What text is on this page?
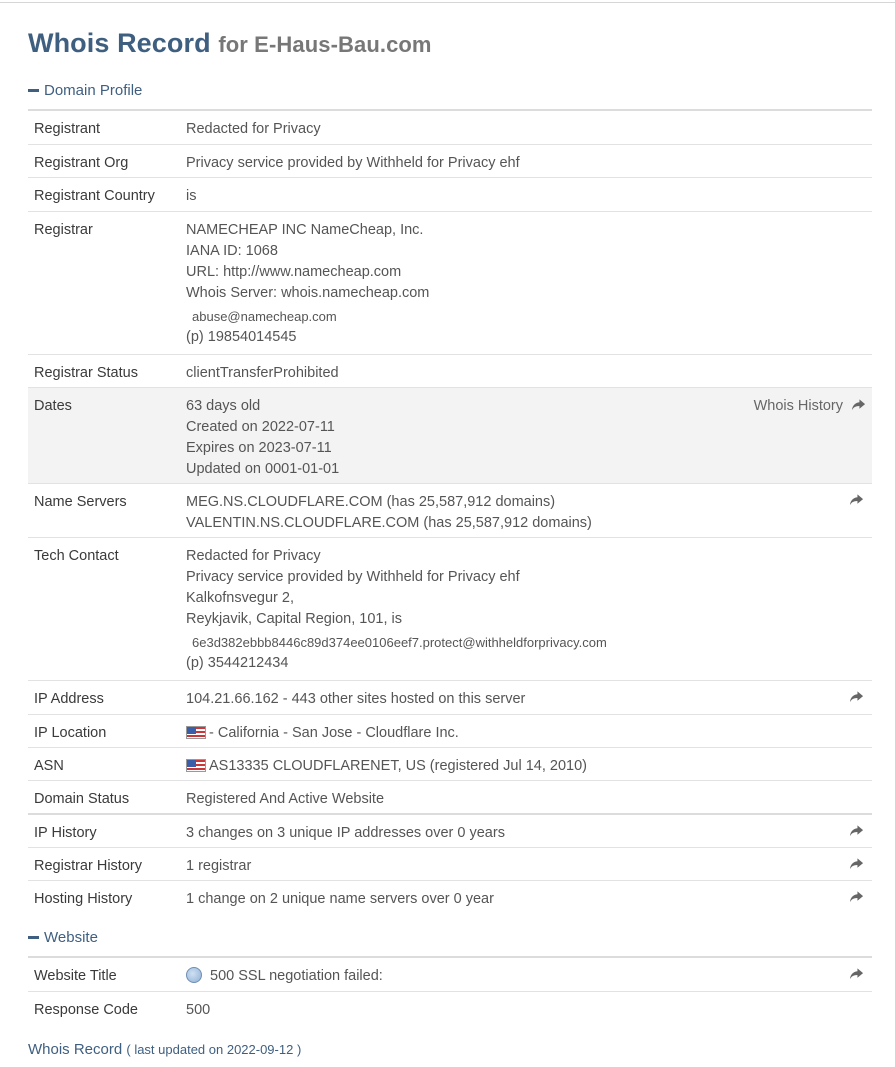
Whois Record for E-Haus-Bau.com
Domain Profile
Registrant	Redacted for Privacy
Registrant Org	Privacy service provided by Withheld for Privacy ehf
Registrant Country	is
Registrar	NAMECHEAP INC NameCheap, Inc.
IANA ID: 1068
URL: http://www.namecheap.com
Whois Server: whois.namecheap.com
abuse@namecheap.com
(p) 19854014545
Registrar Status	clientTransferProhibited
Dates	63 days old
Created on 2022-07-11
Expires on 2023-07-11
Updated on 0001-01-01
Whois History
Name Servers	MEG.NS.CLOUDFLARE.COM (has 25,587,912 domains)
VALENTIN.NS.CLOUDFLARE.COM (has 25,587,912 domains)
Tech Contact	Redacted for Privacy
Privacy service provided by Withheld for Privacy ehf
Kalkofnsvegur 2,
Reykjavik, Capital Region, 101, is
6e3d382ebbb8446c89d374ee0106eef7.protect@withheldforprivacy.com
(p) 3544212434
IP Address	104.21.66.162 - 443 other sites hosted on this server
IP Location	- California - San Jose - Cloudflare Inc.
ASN	AS13335 CLOUDFLARENET, US (registered Jul 14, 2010)
Domain Status	Registered And Active Website
IP History	3 changes on 3 unique IP addresses over 0 years
Registrar History	1 registrar
Hosting History	1 change on 2 unique name servers over 0 year
Website
Website Title	500 SSL negotiation failed:
Response Code	500
Whois Record ( last updated on 2022-09-12 )
